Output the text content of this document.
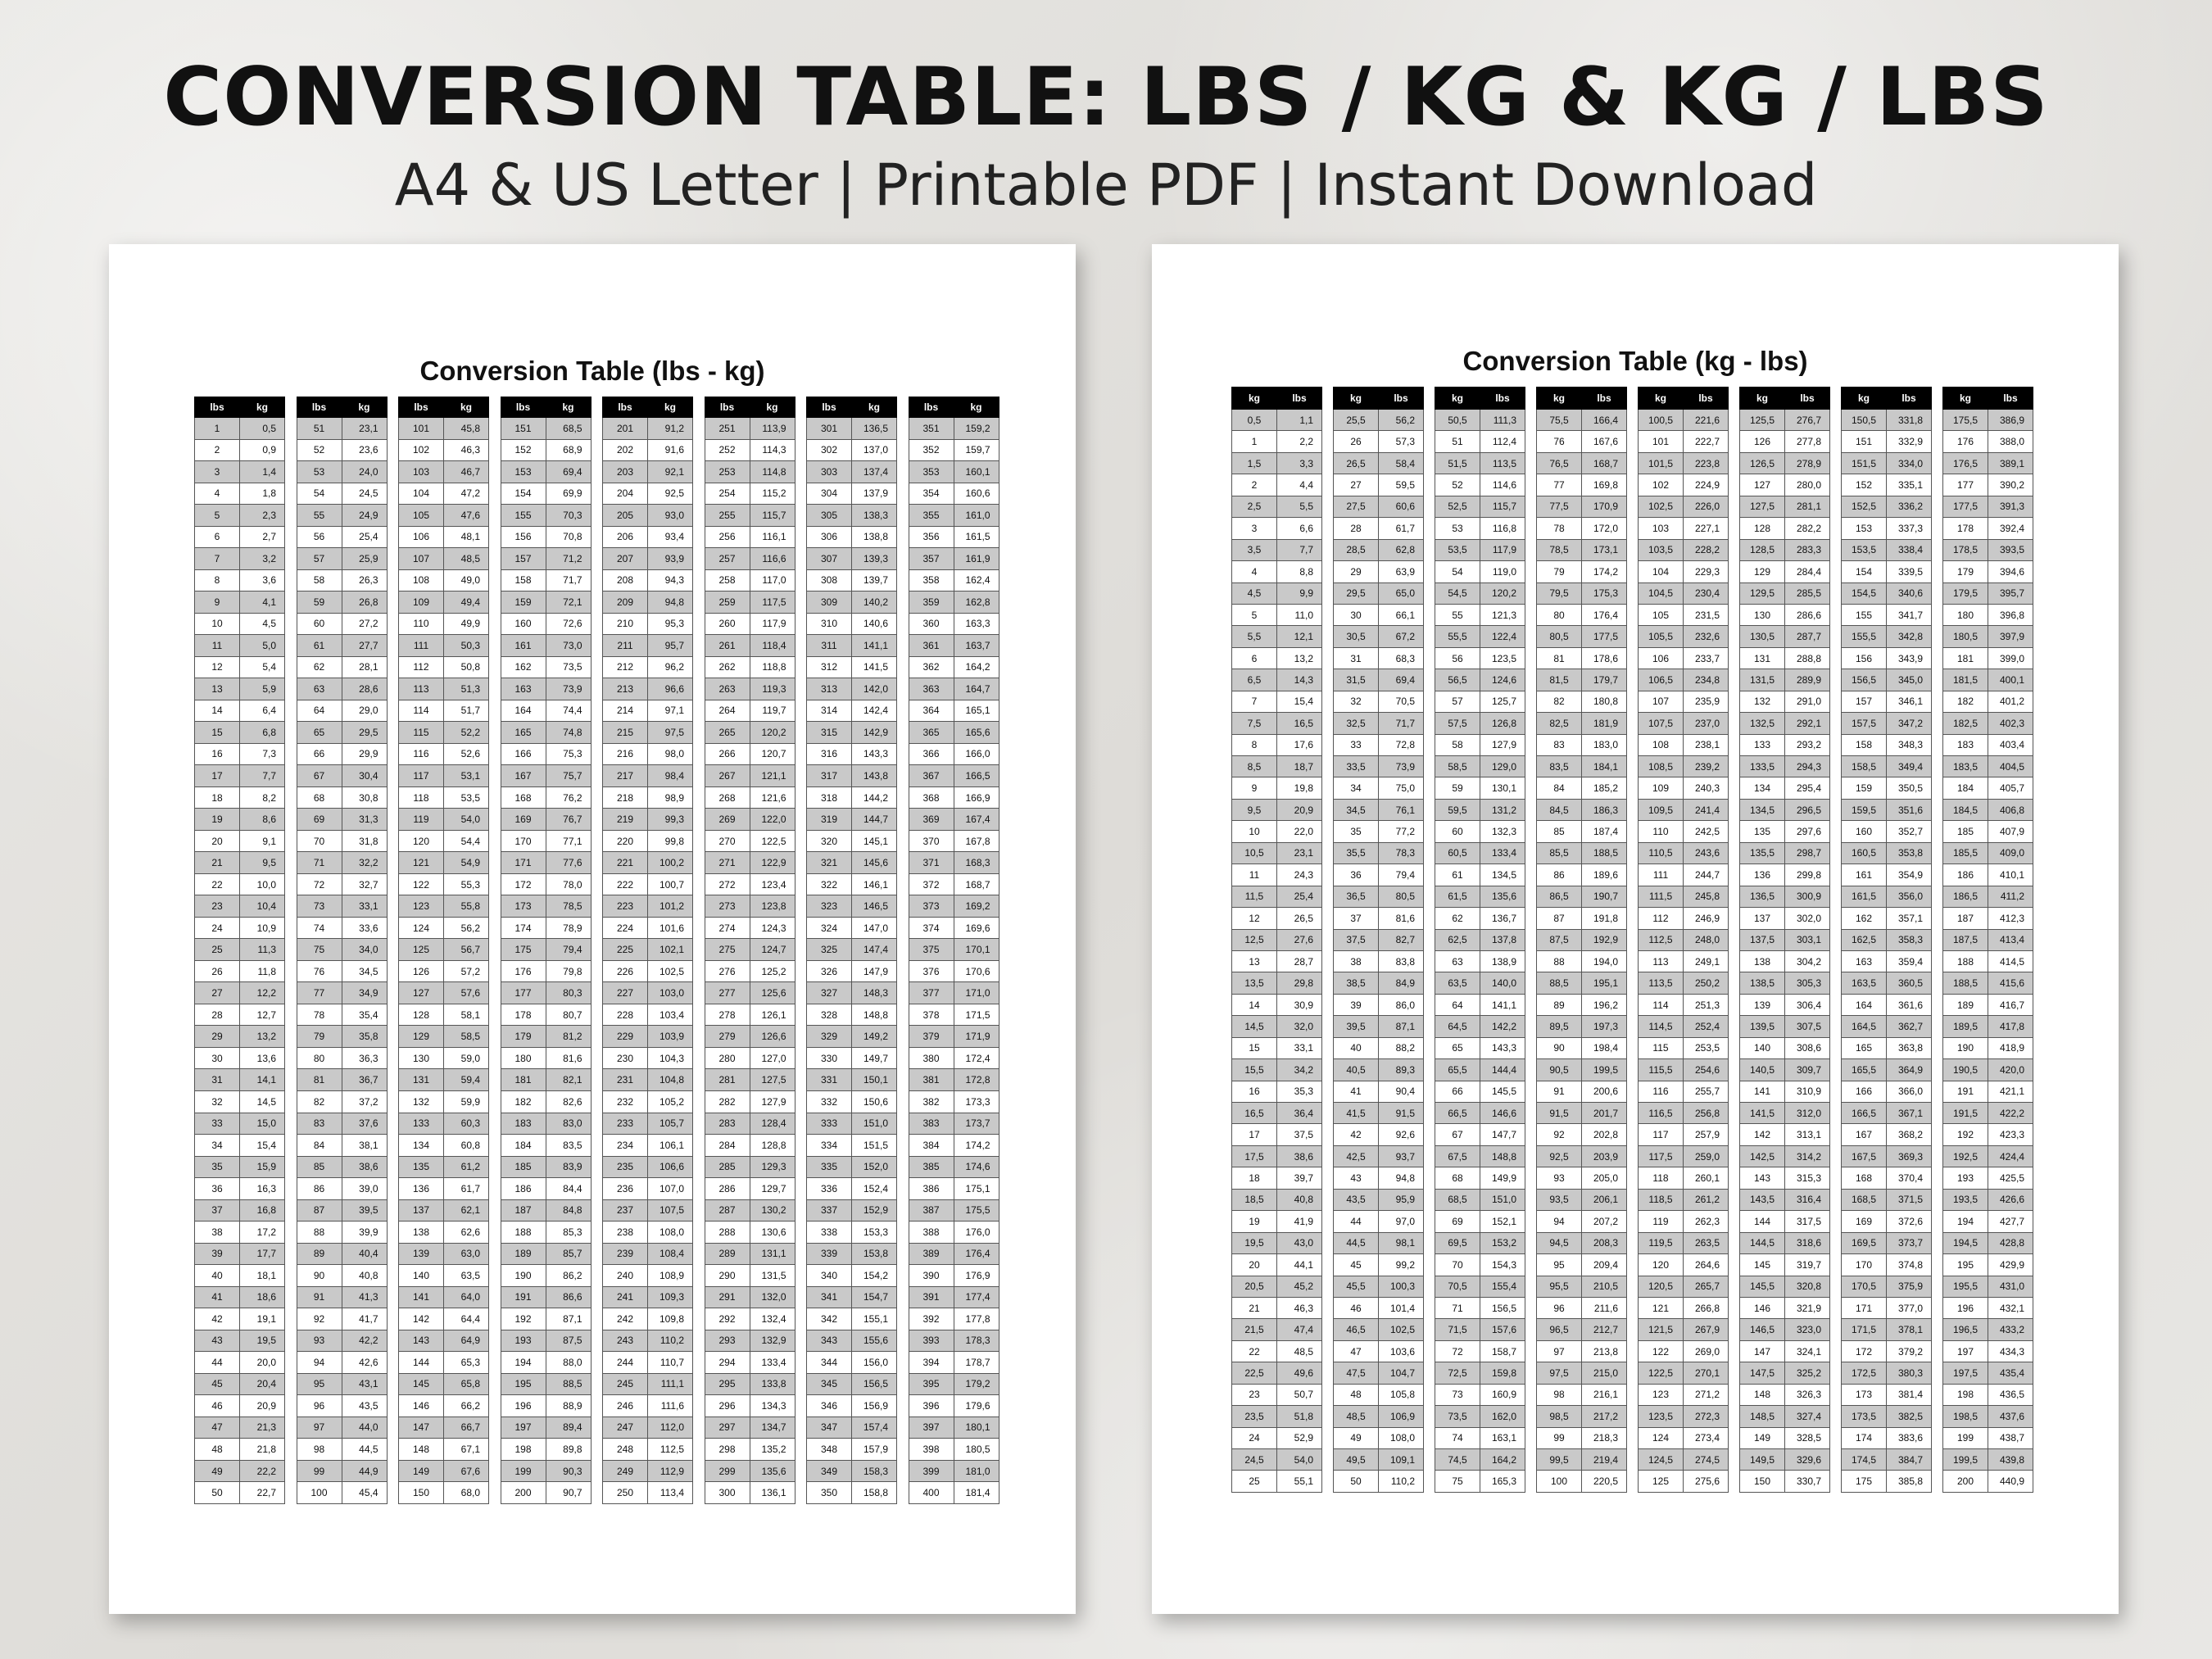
CONVERSION TABLE: LBS / KG & KG / LBS
A4 & US Letter | Printable PDF | Instant Download
Conversion Table (lbs - kg)
lbs	kg
1	0,5
2	0,9
3	1,4
4	1,8
5	2,3
6	2,7
7	3,2
8	3,6
9	4,1
10	4,5
11	5,0
12	5,4
13	5,9
14	6,4
15	6,8
16	7,3
17	7,7
18	8,2
19	8,6
20	9,1
21	9,5
22	10,0
23	10,4
24	10,9
25	11,3
26	11,8
27	12,2
28	12,7
29	13,2
30	13,6
31	14,1
32	14,5
33	15,0
34	15,4
35	15,9
36	16,3
37	16,8
38	17,2
39	17,7
40	18,1
41	18,6
42	19,1
43	19,5
44	20,0
45	20,4
46	20,9
47	21,3
48	21,8
49	22,2
50	22,7
lbs	kg
51	23,1
52	23,6
53	24,0
54	24,5
55	24,9
56	25,4
57	25,9
58	26,3
59	26,8
60	27,2
61	27,7
62	28,1
63	28,6
64	29,0
65	29,5
66	29,9
67	30,4
68	30,8
69	31,3
70	31,8
71	32,2
72	32,7
73	33,1
74	33,6
75	34,0
76	34,5
77	34,9
78	35,4
79	35,8
80	36,3
81	36,7
82	37,2
83	37,6
84	38,1
85	38,6
86	39,0
87	39,5
88	39,9
89	40,4
90	40,8
91	41,3
92	41,7
93	42,2
94	42,6
95	43,1
96	43,5
97	44,0
98	44,5
99	44,9
100	45,4
lbs	kg
101	45,8
102	46,3
103	46,7
104	47,2
105	47,6
106	48,1
107	48,5
108	49,0
109	49,4
110	49,9
111	50,3
112	50,8
113	51,3
114	51,7
115	52,2
116	52,6
117	53,1
118	53,5
119	54,0
120	54,4
121	54,9
122	55,3
123	55,8
124	56,2
125	56,7
126	57,2
127	57,6
128	58,1
129	58,5
130	59,0
131	59,4
132	59,9
133	60,3
134	60,8
135	61,2
136	61,7
137	62,1
138	62,6
139	63,0
140	63,5
141	64,0
142	64,4
143	64,9
144	65,3
145	65,8
146	66,2
147	66,7
148	67,1
149	67,6
150	68,0
lbs	kg
151	68,5
152	68,9
153	69,4
154	69,9
155	70,3
156	70,8
157	71,2
158	71,7
159	72,1
160	72,6
161	73,0
162	73,5
163	73,9
164	74,4
165	74,8
166	75,3
167	75,7
168	76,2
169	76,7
170	77,1
171	77,6
172	78,0
173	78,5
174	78,9
175	79,4
176	79,8
177	80,3
178	80,7
179	81,2
180	81,6
181	82,1
182	82,6
183	83,0
184	83,5
185	83,9
186	84,4
187	84,8
188	85,3
189	85,7
190	86,2
191	86,6
192	87,1
193	87,5
194	88,0
195	88,5
196	88,9
197	89,4
198	89,8
199	90,3
200	90,7
lbs	kg
201	91,2
202	91,6
203	92,1
204	92,5
205	93,0
206	93,4
207	93,9
208	94,3
209	94,8
210	95,3
211	95,7
212	96,2
213	96,6
214	97,1
215	97,5
216	98,0
217	98,4
218	98,9
219	99,3
220	99,8
221	100,2
222	100,7
223	101,2
224	101,6
225	102,1
226	102,5
227	103,0
228	103,4
229	103,9
230	104,3
231	104,8
232	105,2
233	105,7
234	106,1
235	106,6
236	107,0
237	107,5
238	108,0
239	108,4
240	108,9
241	109,3
242	109,8
243	110,2
244	110,7
245	111,1
246	111,6
247	112,0
248	112,5
249	112,9
250	113,4
lbs	kg
251	113,9
252	114,3
253	114,8
254	115,2
255	115,7
256	116,1
257	116,6
258	117,0
259	117,5
260	117,9
261	118,4
262	118,8
263	119,3
264	119,7
265	120,2
266	120,7
267	121,1
268	121,6
269	122,0
270	122,5
271	122,9
272	123,4
273	123,8
274	124,3
275	124,7
276	125,2
277	125,6
278	126,1
279	126,6
280	127,0
281	127,5
282	127,9
283	128,4
284	128,8
285	129,3
286	129,7
287	130,2
288	130,6
289	131,1
290	131,5
291	132,0
292	132,4
293	132,9
294	133,4
295	133,8
296	134,3
297	134,7
298	135,2
299	135,6
300	136,1
lbs	kg
301	136,5
302	137,0
303	137,4
304	137,9
305	138,3
306	138,8
307	139,3
308	139,7
309	140,2
310	140,6
311	141,1
312	141,5
313	142,0
314	142,4
315	142,9
316	143,3
317	143,8
318	144,2
319	144,7
320	145,1
321	145,6
322	146,1
323	146,5
324	147,0
325	147,4
326	147,9
327	148,3
328	148,8
329	149,2
330	149,7
331	150,1
332	150,6
333	151,0
334	151,5
335	152,0
336	152,4
337	152,9
338	153,3
339	153,8
340	154,2
341	154,7
342	155,1
343	155,6
344	156,0
345	156,5
346	156,9
347	157,4
348	157,9
349	158,3
350	158,8
lbs	kg
351	159,2
352	159,7
353	160,1
354	160,6
355	161,0
356	161,5
357	161,9
358	162,4
359	162,8
360	163,3
361	163,7
362	164,2
363	164,7
364	165,1
365	165,6
366	166,0
367	166,5
368	166,9
369	167,4
370	167,8
371	168,3
372	168,7
373	169,2
374	169,6
375	170,1
376	170,6
377	171,0
378	171,5
379	171,9
380	172,4
381	172,8
382	173,3
383	173,7
384	174,2
385	174,6
386	175,1
387	175,5
388	176,0
389	176,4
390	176,9
391	177,4
392	177,8
393	178,3
394	178,7
395	179,2
396	179,6
397	180,1
398	180,5
399	181,0
400	181,4
Conversion Table (kg - lbs)
kg	lbs
0,5	1,1
1	2,2
1,5	3,3
2	4,4
2,5	5,5
3	6,6
3,5	7,7
4	8,8
4,5	9,9
5	11,0
5,5	12,1
6	13,2
6,5	14,3
7	15,4
7,5	16,5
8	17,6
8,5	18,7
9	19,8
9,5	20,9
10	22,0
10,5	23,1
11	24,3
11,5	25,4
12	26,5
12,5	27,6
13	28,7
13,5	29,8
14	30,9
14,5	32,0
15	33,1
15,5	34,2
16	35,3
16,5	36,4
17	37,5
17,5	38,6
18	39,7
18,5	40,8
19	41,9
19,5	43,0
20	44,1
20,5	45,2
21	46,3
21,5	47,4
22	48,5
22,5	49,6
23	50,7
23,5	51,8
24	52,9
24,5	54,0
25	55,1
kg	lbs
25,5	56,2
26	57,3
26,5	58,4
27	59,5
27,5	60,6
28	61,7
28,5	62,8
29	63,9
29,5	65,0
30	66,1
30,5	67,2
31	68,3
31,5	69,4
32	70,5
32,5	71,7
33	72,8
33,5	73,9
34	75,0
34,5	76,1
35	77,2
35,5	78,3
36	79,4
36,5	80,5
37	81,6
37,5	82,7
38	83,8
38,5	84,9
39	86,0
39,5	87,1
40	88,2
40,5	89,3
41	90,4
41,5	91,5
42	92,6
42,5	93,7
43	94,8
43,5	95,9
44	97,0
44,5	98,1
45	99,2
45,5	100,3
46	101,4
46,5	102,5
47	103,6
47,5	104,7
48	105,8
48,5	106,9
49	108,0
49,5	109,1
50	110,2
kg	lbs
50,5	111,3
51	112,4
51,5	113,5
52	114,6
52,5	115,7
53	116,8
53,5	117,9
54	119,0
54,5	120,2
55	121,3
55,5	122,4
56	123,5
56,5	124,6
57	125,7
57,5	126,8
58	127,9
58,5	129,0
59	130,1
59,5	131,2
60	132,3
60,5	133,4
61	134,5
61,5	135,6
62	136,7
62,5	137,8
63	138,9
63,5	140,0
64	141,1
64,5	142,2
65	143,3
65,5	144,4
66	145,5
66,5	146,6
67	147,7
67,5	148,8
68	149,9
68,5	151,0
69	152,1
69,5	153,2
70	154,3
70,5	155,4
71	156,5
71,5	157,6
72	158,7
72,5	159,8
73	160,9
73,5	162,0
74	163,1
74,5	164,2
75	165,3
kg	lbs
75,5	166,4
76	167,6
76,5	168,7
77	169,8
77,5	170,9
78	172,0
78,5	173,1
79	174,2
79,5	175,3
80	176,4
80,5	177,5
81	178,6
81,5	179,7
82	180,8
82,5	181,9
83	183,0
83,5	184,1
84	185,2
84,5	186,3
85	187,4
85,5	188,5
86	189,6
86,5	190,7
87	191,8
87,5	192,9
88	194,0
88,5	195,1
89	196,2
89,5	197,3
90	198,4
90,5	199,5
91	200,6
91,5	201,7
92	202,8
92,5	203,9
93	205,0
93,5	206,1
94	207,2
94,5	208,3
95	209,4
95,5	210,5
96	211,6
96,5	212,7
97	213,8
97,5	215,0
98	216,1
98,5	217,2
99	218,3
99,5	219,4
100	220,5
kg	lbs
100,5	221,6
101	222,7
101,5	223,8
102	224,9
102,5	226,0
103	227,1
103,5	228,2
104	229,3
104,5	230,4
105	231,5
105,5	232,6
106	233,7
106,5	234,8
107	235,9
107,5	237,0
108	238,1
108,5	239,2
109	240,3
109,5	241,4
110	242,5
110,5	243,6
111	244,7
111,5	245,8
112	246,9
112,5	248,0
113	249,1
113,5	250,2
114	251,3
114,5	252,4
115	253,5
115,5	254,6
116	255,7
116,5	256,8
117	257,9
117,5	259,0
118	260,1
118,5	261,2
119	262,3
119,5	263,5
120	264,6
120,5	265,7
121	266,8
121,5	267,9
122	269,0
122,5	270,1
123	271,2
123,5	272,3
124	273,4
124,5	274,5
125	275,6
kg	lbs
125,5	276,7
126	277,8
126,5	278,9
127	280,0
127,5	281,1
128	282,2
128,5	283,3
129	284,4
129,5	285,5
130	286,6
130,5	287,7
131	288,8
131,5	289,9
132	291,0
132,5	292,1
133	293,2
133,5	294,3
134	295,4
134,5	296,5
135	297,6
135,5	298,7
136	299,8
136,5	300,9
137	302,0
137,5	303,1
138	304,2
138,5	305,3
139	306,4
139,5	307,5
140	308,6
140,5	309,7
141	310,9
141,5	312,0
142	313,1
142,5	314,2
143	315,3
143,5	316,4
144	317,5
144,5	318,6
145	319,7
145,5	320,8
146	321,9
146,5	323,0
147	324,1
147,5	325,2
148	326,3
148,5	327,4
149	328,5
149,5	329,6
150	330,7
kg	lbs
150,5	331,8
151	332,9
151,5	334,0
152	335,1
152,5	336,2
153	337,3
153,5	338,4
154	339,5
154,5	340,6
155	341,7
155,5	342,8
156	343,9
156,5	345,0
157	346,1
157,5	347,2
158	348,3
158,5	349,4
159	350,5
159,5	351,6
160	352,7
160,5	353,8
161	354,9
161,5	356,0
162	357,1
162,5	358,3
163	359,4
163,5	360,5
164	361,6
164,5	362,7
165	363,8
165,5	364,9
166	366,0
166,5	367,1
167	368,2
167,5	369,3
168	370,4
168,5	371,5
169	372,6
169,5	373,7
170	374,8
170,5	375,9
171	377,0
171,5	378,1
172	379,2
172,5	380,3
173	381,4
173,5	382,5
174	383,6
174,5	384,7
175	385,8
kg	lbs
175,5	386,9
176	388,0
176,5	389,1
177	390,2
177,5	391,3
178	392,4
178,5	393,5
179	394,6
179,5	395,7
180	396,8
180,5	397,9
181	399,0
181,5	400,1
182	401,2
182,5	402,3
183	403,4
183,5	404,5
184	405,7
184,5	406,8
185	407,9
185,5	409,0
186	410,1
186,5	411,2
187	412,3
187,5	413,4
188	414,5
188,5	415,6
189	416,7
189,5	417,8
190	418,9
190,5	420,0
191	421,1
191,5	422,2
192	423,3
192,5	424,4
193	425,5
193,5	426,6
194	427,7
194,5	428,8
195	429,9
195,5	431,0
196	432,1
196,5	433,2
197	434,3
197,5	435,4
198	436,5
198,5	437,6
199	438,7
199,5	439,8
200	440,9
